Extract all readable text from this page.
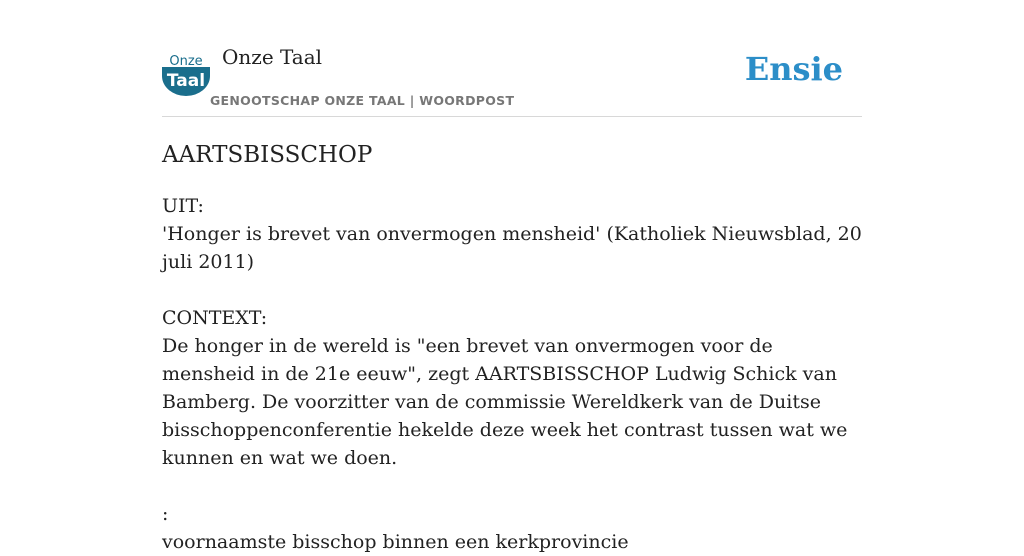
Onze
Taal
Onze Taal
GENOOTSCHAP ONZE TAAL | WOORDPOST
Ensie
AARTSBISSCHOP

UIT:

'Honger is brevet van onvermogen mensheid' (Katholiek Nieuwsblad, 20 juli 2011)

CONTEXT:

De honger in de wereld is "een brevet van onvermogen voor de mensheid in de 21e eeuw", zegt AARTSBISSCHOP Ludwig Schick van Bamberg. De voorzitter van de commissie Wereldkerk van de Duitse bisschoppenconferentie hekelde deze week het contrast tussen wat we kunnen en wat we doen.

:

voornaamste bisschop binnen een kerkprovincie
